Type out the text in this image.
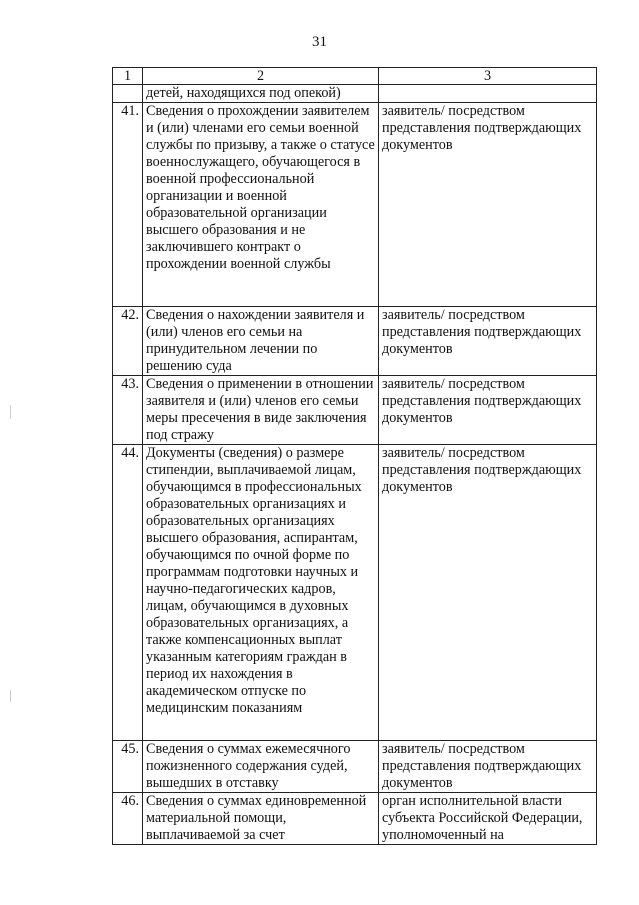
31
1	2	3
	детей, находящихся под опекой)	
41.	Сведения о прохождении заявителем и (или) членами его семьи военной службы по призыву, а также о статусе военнослужащего, обучающегося в военной профессиональной организации и военной образовательной организации высшего образования и не заключившего контракт о прохождении военной службы	заявитель/ посредством представления подтверждающих документов
42.	Сведения о нахождении заявителя и (или) членов его семьи на принудительном лечении по решению суда	заявитель/ посредством представления подтверждающих документов
43.	Сведения о применении в отношении заявителя и (или) членов его семьи меры пресечения в виде заключения под стражу	заявитель/ посредством представления подтверждающих документов
44.	Документы (сведения) о размере стипендии, выплачиваемой лицам, обучающимся в профессиональных образовательных организациях и образовательных организациях высшего образования, аспирантам, обучающимся по очной форме по программам подготовки научных и научно-педагогических кадров, лицам, обучающимся в духовных образовательных организациях, а также компенсационных выплат указанным категориям граждан в период их нахождения в академическом отпуске по медицинским показаниям	заявитель/ посредством представления подтверждающих документов
45.	Сведения о суммах ежемесячного пожизненного содержания судей, вышедших в отставку	заявитель/ посредством представления подтверждающих документов
46.	Сведения о суммах единовременной материальной помощи, выплачиваемой за счет	орган исполнительной власти субъекта Российской Федерации, уполномоченный на
